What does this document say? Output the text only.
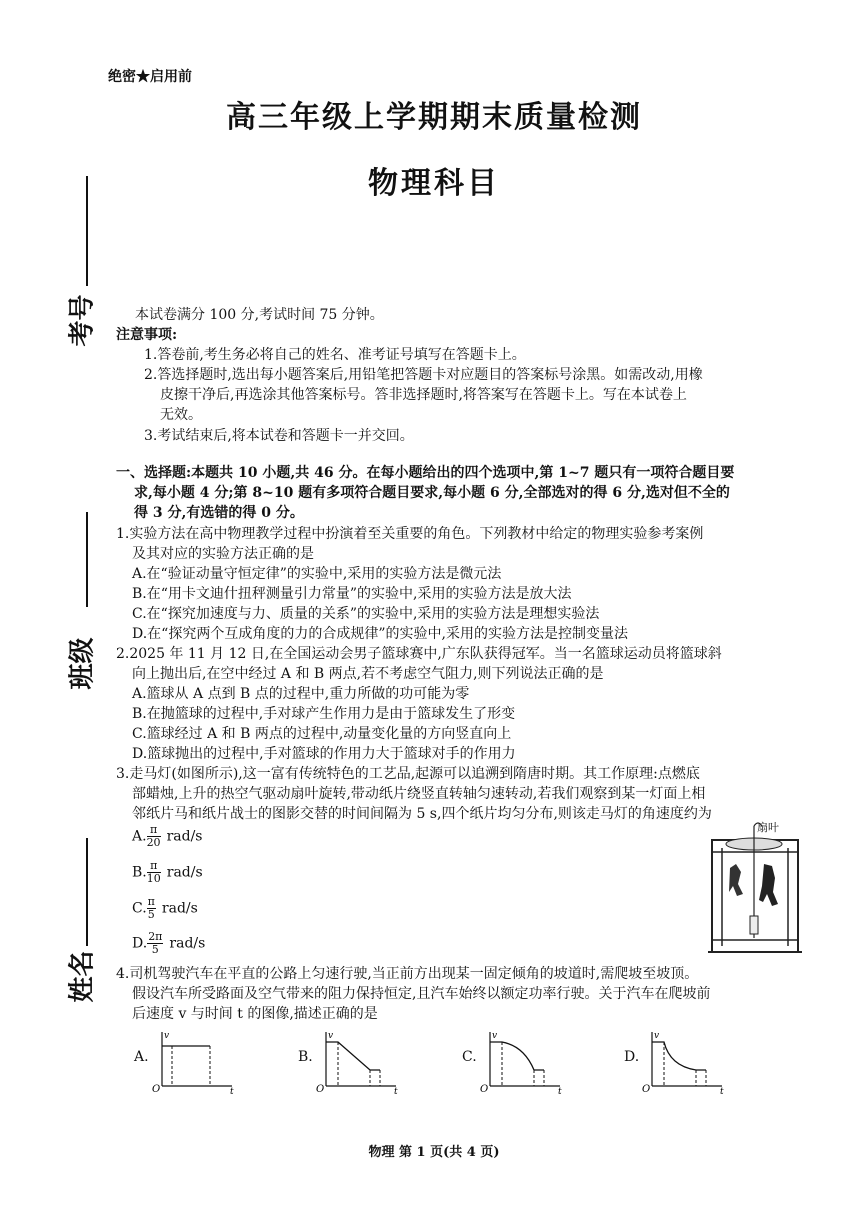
绝密★启用前
高三年级上学期期末质量检测
物理科目
考号
班级
姓名
本试卷满分 100 分,考试时间 75 分钟。
注意事项:
1.答卷前,考生务必将自己的姓名、准考证号填写在答题卡上。
2.答选择题时,选出每小题答案后,用铅笔把答题卡对应题目的答案标号涂黑。如需改动,用橡
皮擦干净后,再选涂其他答案标号。答非选择题时,将答案写在答题卡上。写在本试卷上
无效。
3.考试结束后,将本试卷和答题卡一并交回。
一、选择题:本题共 10 小题,共 46 分。在每小题给出的四个选项中,第 1~7 题只有一项符合题目要
求,每小题 4 分;第 8~10 题有多项符合题目要求,每小题 6 分,全部选对的得 6 分,选对但不全的
得 3 分,有选错的得 0 分。
1.实验方法在高中物理教学过程中扮演着至关重要的角色。下列教材中给定的物理实验参考案例
及其对应的实验方法正确的是
A.在“验证动量守恒定律”的实验中,采用的实验方法是微元法
B.在“用卡文迪什扭秤测量引力常量”的实验中,采用的实验方法是放大法
C.在“探究加速度与力、质量的关系”的实验中,采用的实验方法是理想实验法
D.在“探究两个互成角度的力的合成规律”的实验中,采用的实验方法是控制变量法
2.2025 年 11 月 12 日,在全国运动会男子篮球赛中,广东队获得冠军。当一名篮球运动员将篮球斜
向上抛出后,在空中经过 A 和 B 两点,若不考虑空气阻力,则下列说法正确的是
A.篮球从 A 点到 B 点的过程中,重力所做的功可能为零
B.在抛篮球的过程中,手对球产生作用力是由于篮球发生了形变
C.篮球经过 A 和 B 两点的过程中,动量变化量的方向竖直向上
D.篮球抛出的过程中,手对篮球的作用力大于篮球对手的作用力
3.走马灯(如图所示),这一富有传统特色的工艺品,起源可以追溯到隋唐时期。其工作原理:点燃底
部蜡烛,上升的热空气驱动扇叶旋转,带动纸片绕竖直转轴匀速转动,若我们观察到某一灯面上相
邻纸片马和纸片战士的图影交替的时间间隔为 5 s,四个纸片均匀分布,则该走马灯的角速度约为
A. $\frac{\pi}{20} rad/s$
B. $\frac{\pi}{10} rad/s$
C. $\frac{\pi}{5} rad/s$
D. $\frac{2\pi}{5} rad/s$
扇叶
4.司机驾驶汽车在平直的公路上匀速行驶,当正前方出现某一固定倾角的坡道时,需爬坡至坡顶。
假设汽车所受路面及空气带来的阻力保持恒定,且汽车始终以额定功率行驶。关于汽车在爬坡前
后速度 v 与时间 t 的图像,描述正确的是
A.
v
t
O
B.
v
t
O
C.
v
t
O
D.
v
t
O
物理 第 1 页(共 4 页)
